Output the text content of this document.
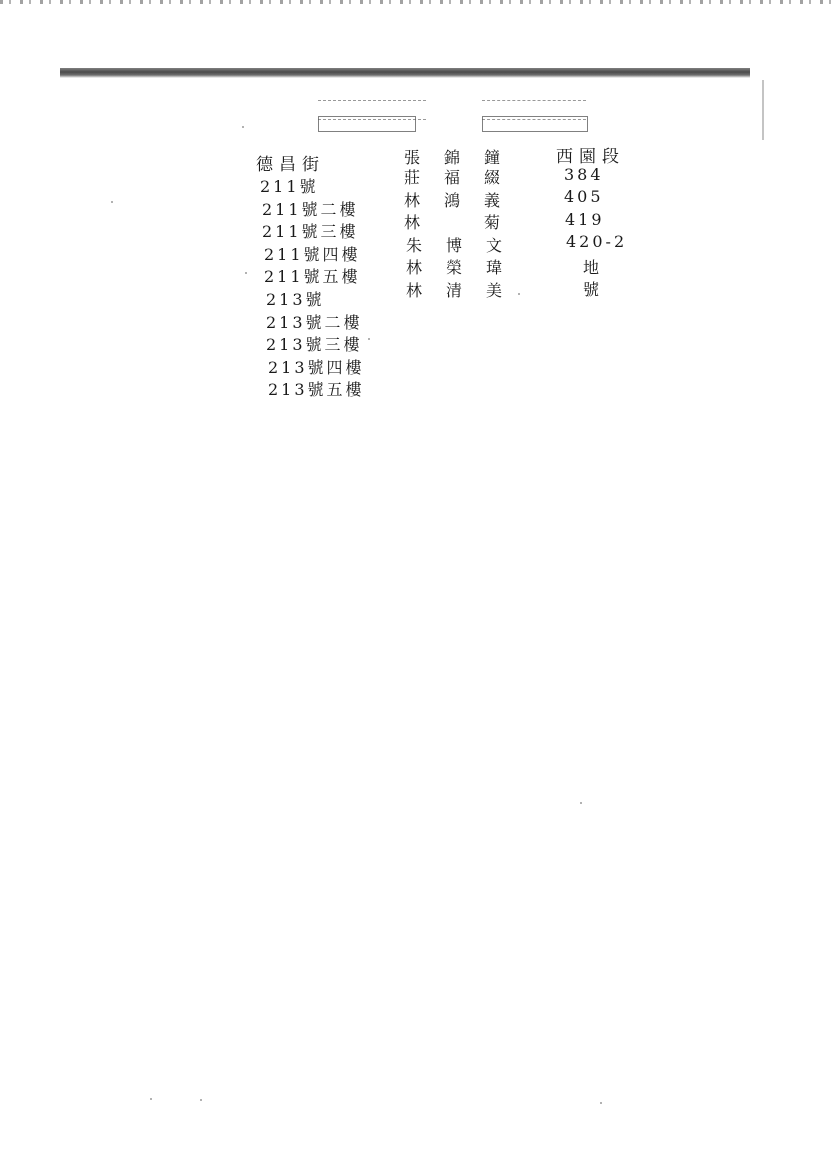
德昌街
211號
211號二樓
211號三樓
211號四樓
211號五樓
213號
213號二樓
213號三樓
213號四樓
213號五樓
張 錦 鐘
莊 福 綴
林 鴻 義
林	菊
朱 博 文
林 榮 瑋
林 清 美
西園段
384
405
419
420-2
地
號
